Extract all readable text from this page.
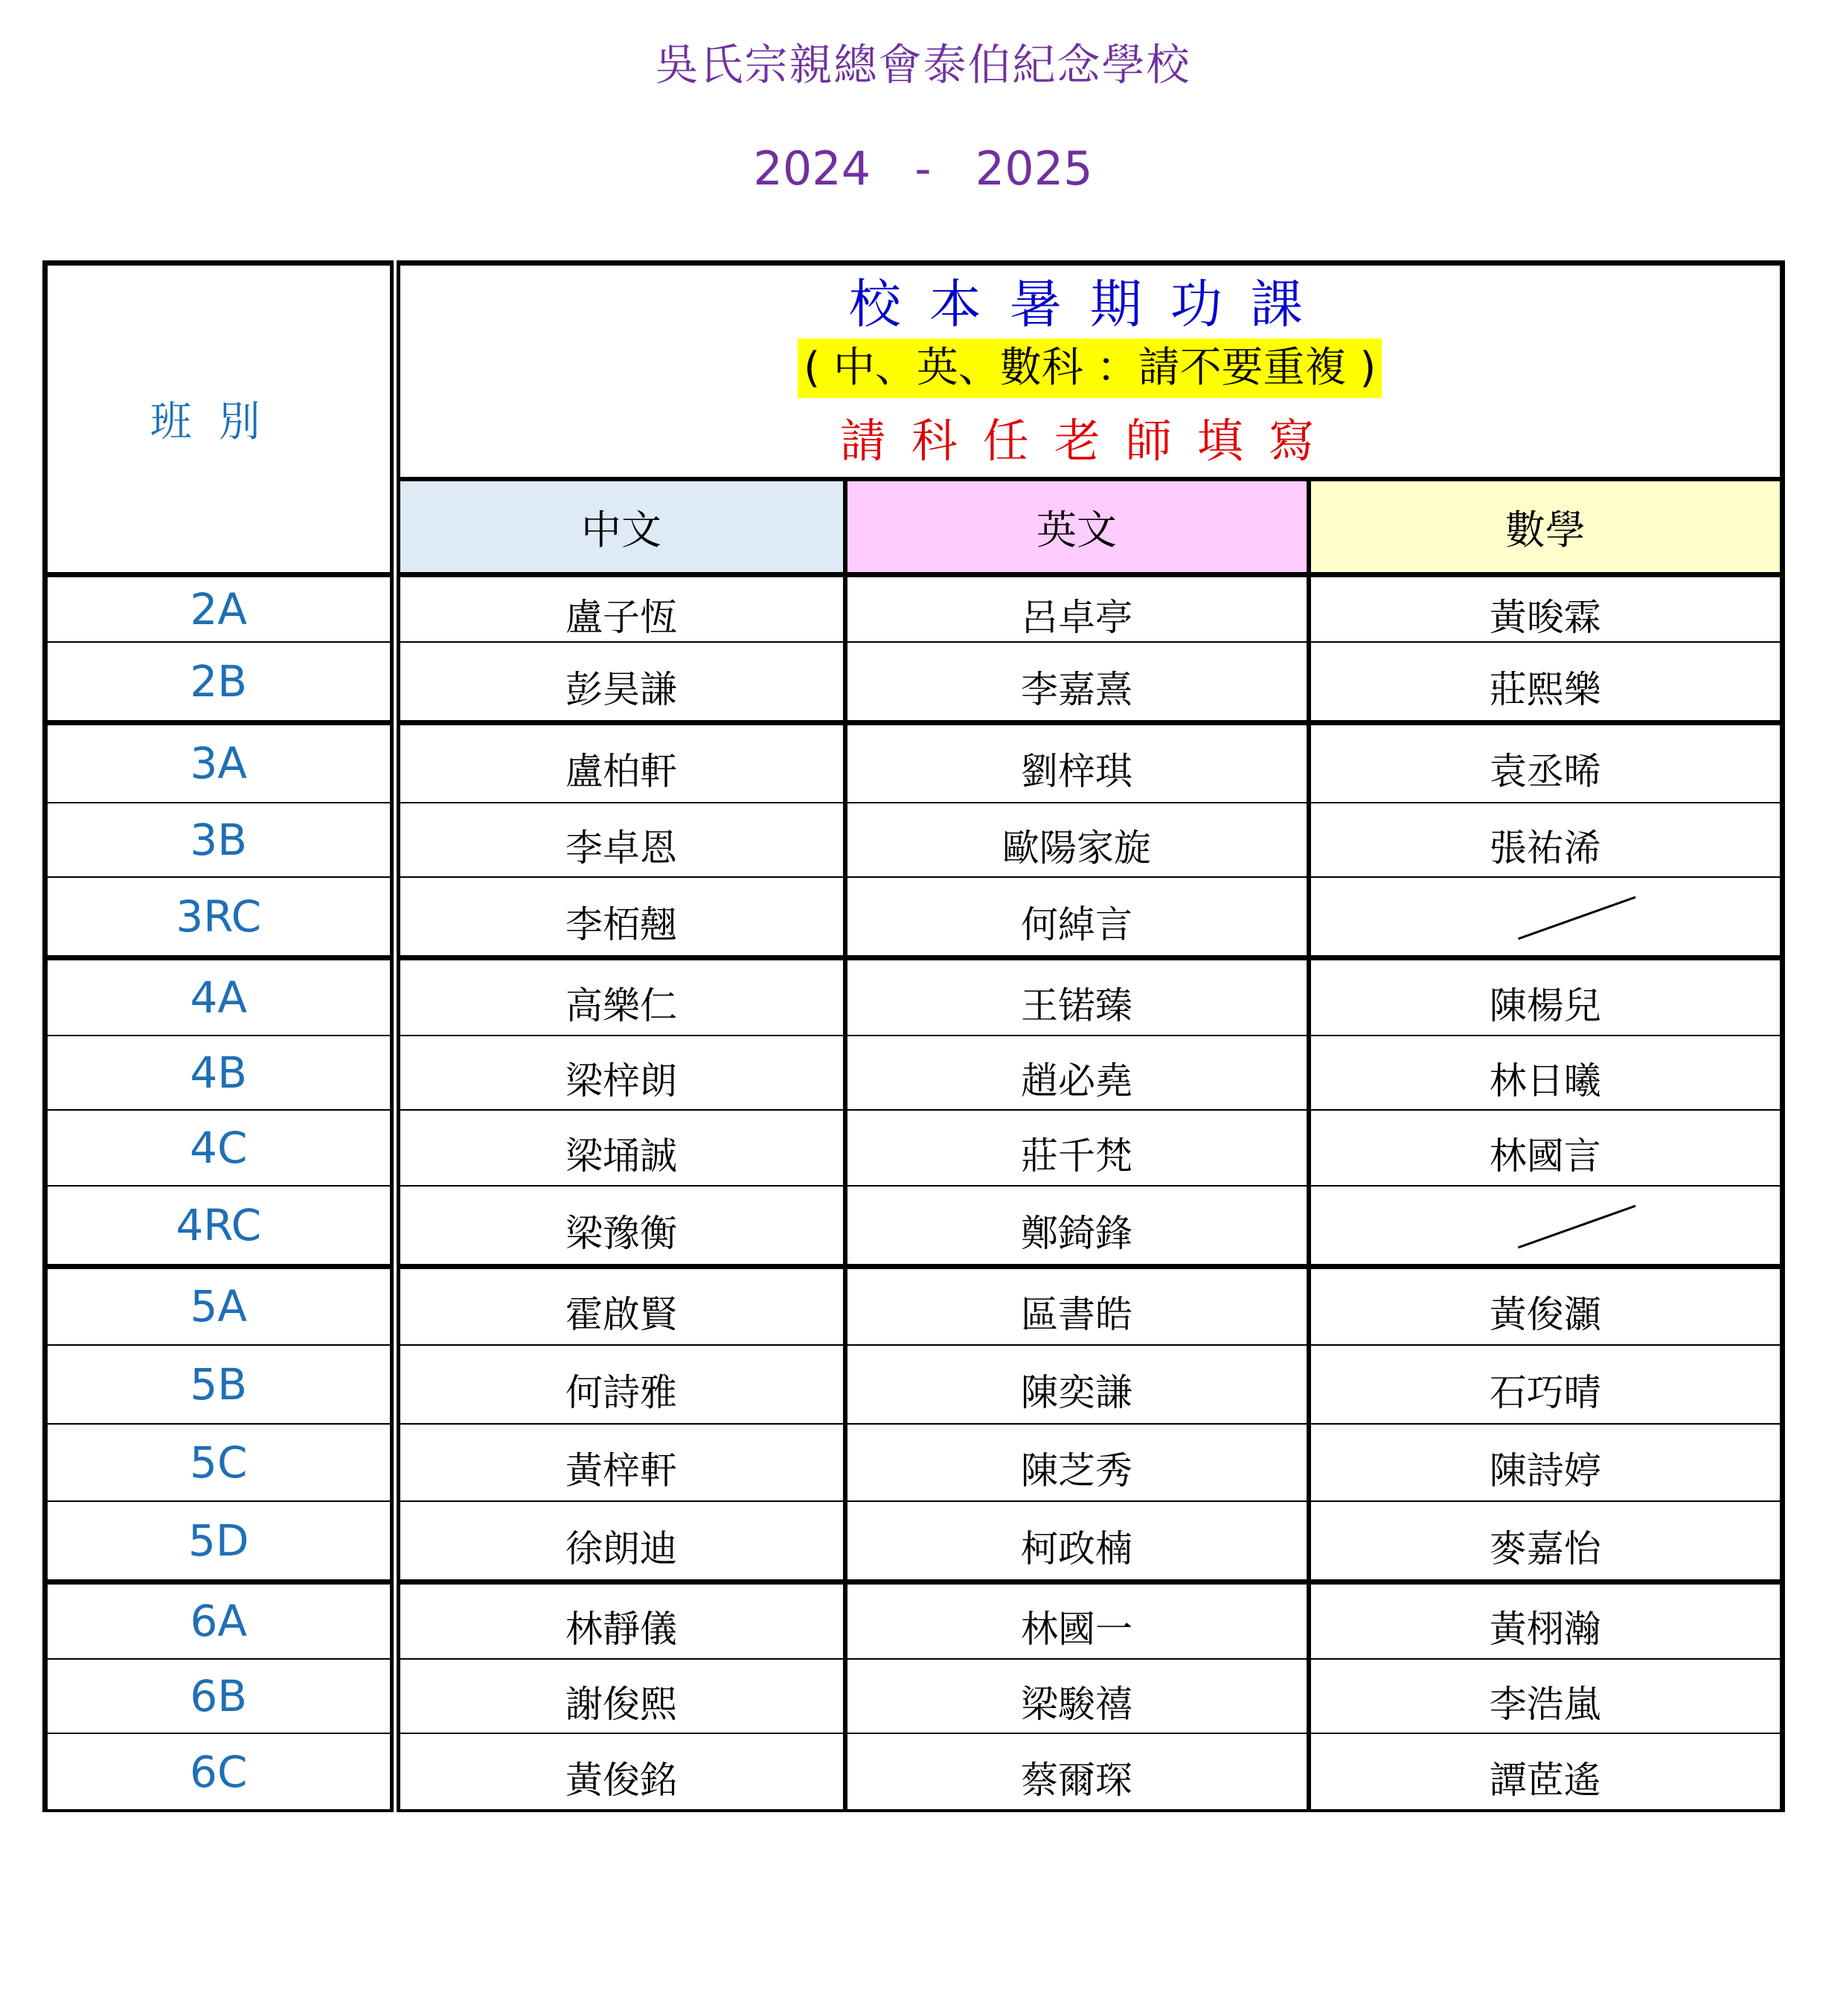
吳氏宗親總會泰伯紀念學校
2024   -   2025
班別	校本暑期功課
( 中、英、數科 ：請不要重複 )
請科任老師填寫		

	中文	英文	數學
2A	盧子恆	呂卓亭	黃晙霖
2B	彭昊謙	李嘉熹	莊熙樂
3A	盧柏軒	劉梓琪	袁丞晞
3B	李卓恩	歐陽家旋	張祐浠
3RC	李栢翹	何綽言	

4A	高樂仁	王锘臻	陳楊兒
4B	梁梓朗	趙必堯	林日曦
4C	梁埇誠	莊千梵	林國言
4RC	梁豫衡	鄭錡鋒	

5A	霍啟賢	區書皓	黃俊灝
5B	何詩雅	陳奕謙	石巧晴
5C	黃梓軒	陳芝秀	陳詩婷
5D	徐朗迪	柯政楠	麥嘉怡
6A	林靜儀	林國一	黃栩瀚
6B	謝俊熙	梁駿禧	李浩嵐
6C	黃俊銘	蔡爾琛	譚茝遙
